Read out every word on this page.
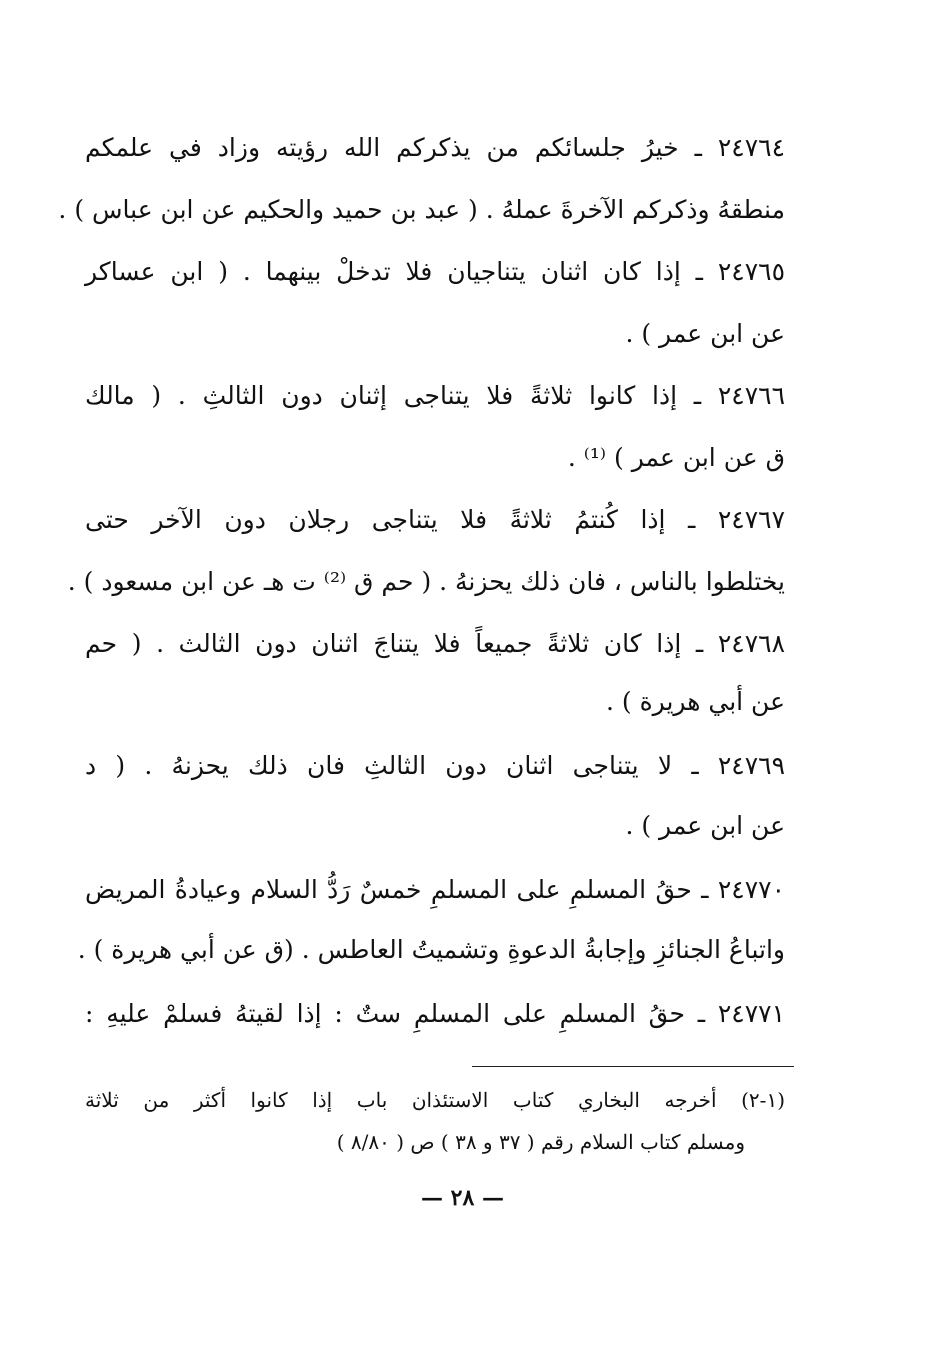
٢٤٧٦٤ ـ خيرُ جلسائكم من يذكركم الله رؤيته وزاد في علمكم
منطقهُ وذكركم الآخرةَ عملهُ . ( عبد بن حميد والحكيم عن ابن عباس ) .
٢٤٧٦٥ ـ إذا كان اثنان يتناجيان فلا تدخلْ بينهما . ( ابن عساكر
عن ابن عمر ) .
٢٤٧٦٦ ـ إذا كانوا ثلاثةً فلا يتناجى إثنان دون الثالثِ . ( مالك
ق عن ابن عمر ) ⁽¹⁾ .
٢٤٧٦٧ ـ إذا كُنتمُ ثلاثةً فلا يتناجى رجلان دون الآخر حتى
يختلطوا بالناس ، فان ذلك يحزنهُ . ( حم ق ⁽²⁾ ت هـ عن ابن مسعود ) .
٢٤٧٦٨ ـ إذا كان ثلاثةً جميعاً فلا يتناجَ اثنان دون الثالث . ( حم
عن أبي هريرة ) .
٢٤٧٦٩ ـ لا يتناجى اثنان دون الثالثِ فان ذلك يحزنهُ . ( د
عن ابن عمر ) .
٢٤٧٧٠ ـ حقُ المسلمِ على المسلمِ خمسٌ رَدُّ السلام وعيادةُ المريض
واتباعُ الجنائزِ وإجابةُ الدعوةِ وتشميتُ العاطس . (ق عن أبي هريرة ) .
٢٤٧٧١ ـ حقُ المسلمِ على المسلمِ ستٌ : إذا لقيتهُ فسلمْ عليهِ :
(١-٢) أخرجه البخاري كتاب الاستئذان باب إذا كانوا أكثر من ثلاثة
ومسلم كتاب السلام رقم ( ٣٧ و ٣٨ ) ص ( ٨/٨٠ )
— ٢٨ —
